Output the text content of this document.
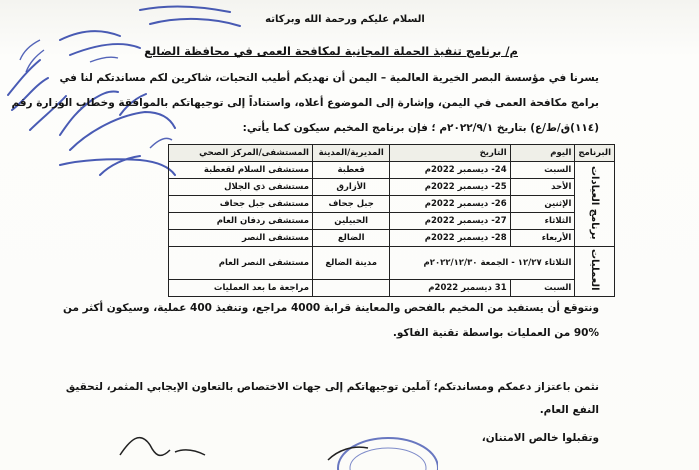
السلام عليكم ورحمة الله وبركاته
م/ برنامج تنفيذ الحملة المجانية لمكافحة العمى في محافظة الضالع
يسرنا في مؤسسة البصر الخيرية العالمية – اليمن أن نهديكم أطيب التحيات، شاكرين لكم مساندتكم لنا في
برامج مكافحة العمى في اليمن، وإشارة إلى الموضوع أعلاه، واستناداً إلى توجيهاتكم بالموافقة وخطاب الوزارة رقم
(١١٤)ق/ط/ع) بتاريخ ٢٠٢٢/٩/١م ؛ فإن برنامج المخيم سيكون كما يأتي:
البرنامج	اليوم	التاريخ	المديرية/المدينة	المستشفى/المركز الصحي
برنامج العيادات	السبت	24- ديسمبر 2022م	قعطبة	مستشفى السلام لقعطبة
	الأحد	25- ديسمبر 2022م	الأزارق	مستشفى ذي الجلال
	الإثنين	26- ديسمبر 2022م	جبل جحاف	مستشفى جبل جحاف
	الثلاثاء	27- ديسمبر 2022م	الحبيلين	مستشفى ردفان العام
	الأربعاء	28- ديسمبر 2022م	الضالع	مستشفى النصر
العمليات	الثلاثاء ١٢/٢٧ - الجمعة ٢٠٢٢/١٢/٣٠م		مدينة الضالع	مستشفى النصر العام
	السبت	31 ديسمبر 2022م		مراجعة ما بعد العمليات
ونتوقع أن يستفيد من المخيم بالفحص والمعاينة قرابة 4000 مراجع، وتنفيذ 400 عملية، وسيكون أكثر من
90% من العمليات بواسطة تقنية الفاكو.
نثمن باعتزاز دعمكم ومساندتكم؛ آملين توجيهاتكم إلى جهات الاختصاص بالتعاون الإيجابي المثمر، لتحقيق
النفع العام.
وتقبلوا خالص الامتنان،
